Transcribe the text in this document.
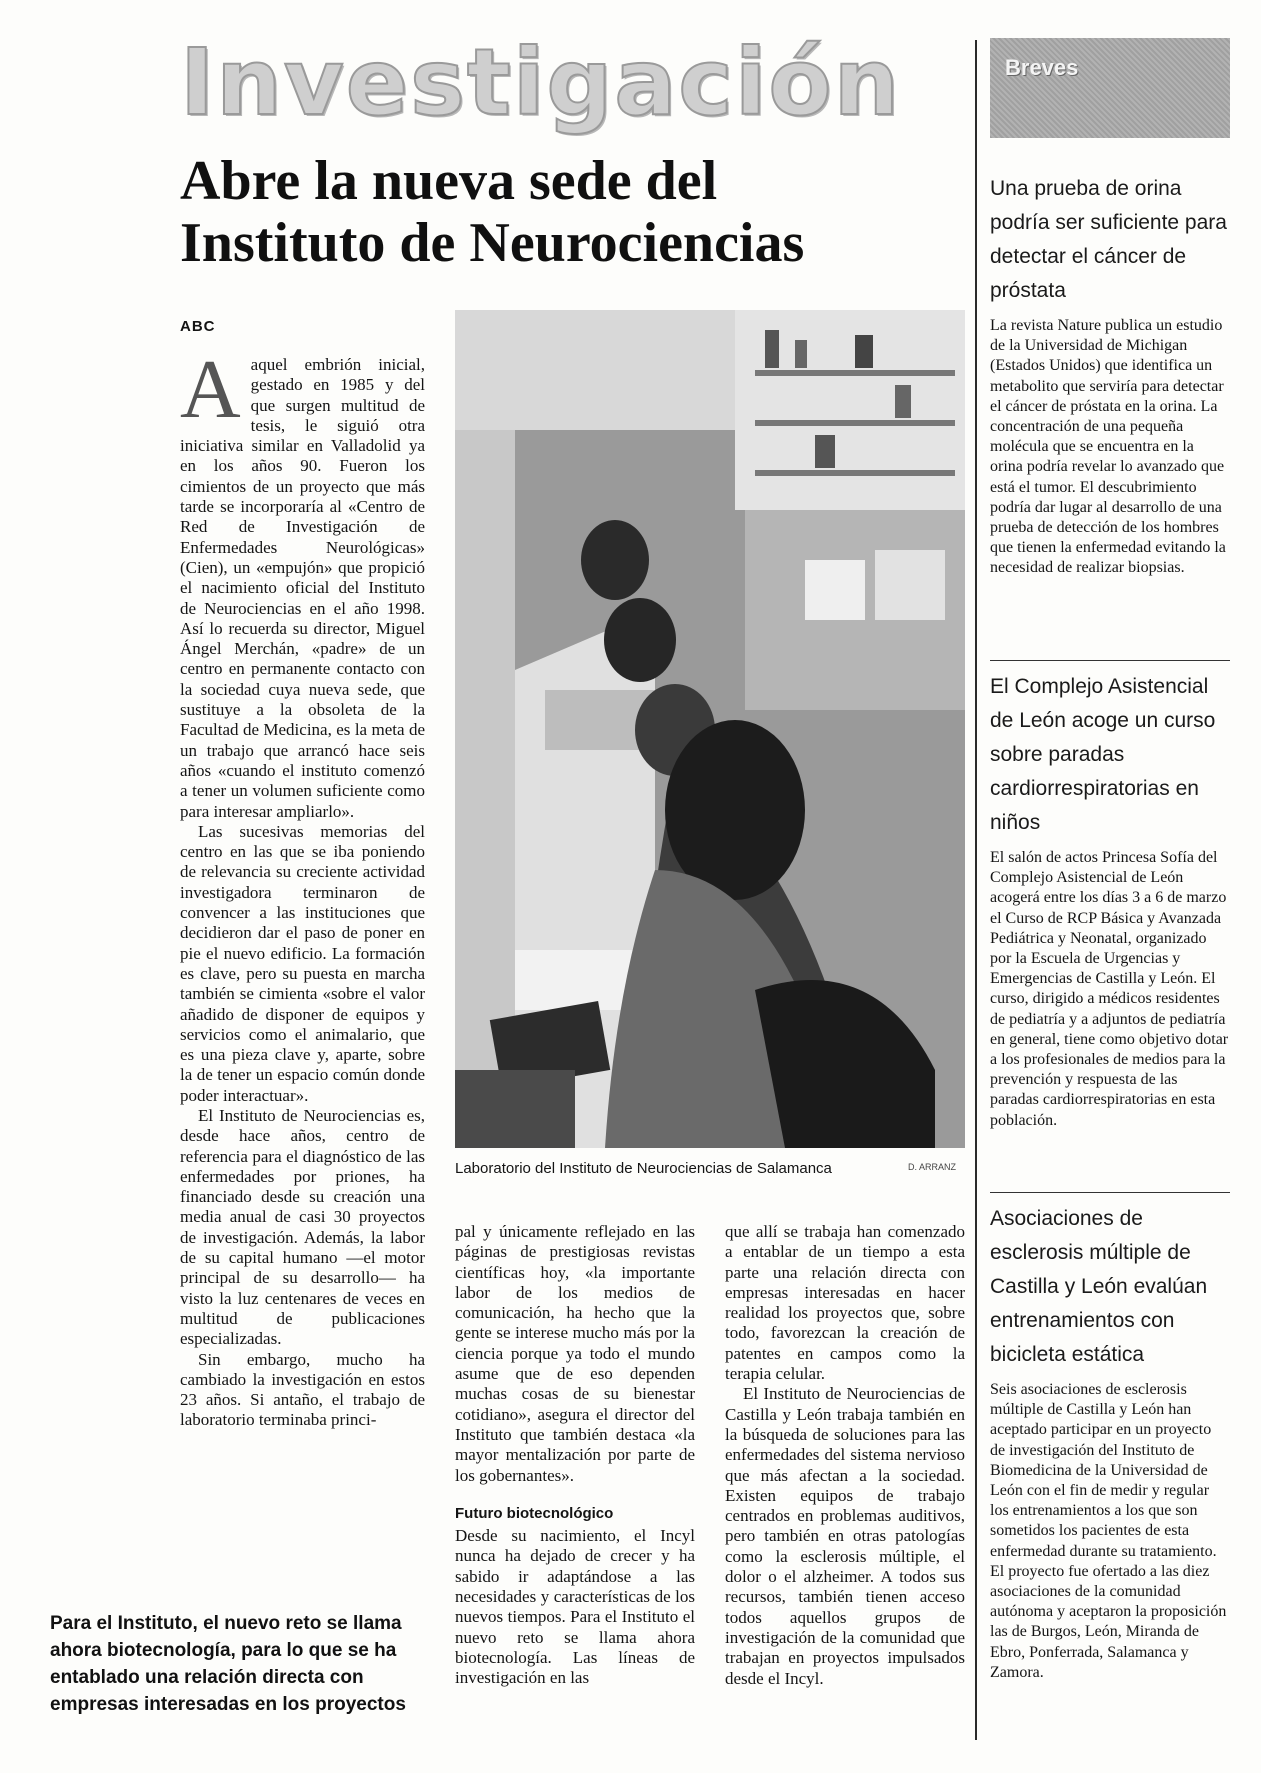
Investigación
Abre la nueva sede del Instituto de Neurociencias
ABC

Aaquel embrión inicial, gestado en 1985 y del que surgen multitud de tesis, le siguió otra iniciativa similar en Valladolid ya en los años 90. Fueron los cimientos de un proyecto que más tarde se incorporaría al «Centro de Red de Investigación de Enfermedades Neurológicas» (Cien), un «empujón» que propició el nacimiento oficial del Instituto de Neurociencias en el año 1998. Así lo recuerda su director, Miguel Ángel Merchán, «padre» de un centro en permanente contacto con la sociedad cuya nueva sede, que sustituye a la obsoleta de la Facultad de Medicina, es la meta de un trabajo que arrancó hace seis años «cuando el instituto comenzó a tener un volumen suficiente como para interesar ampliarlo».

Las sucesivas memorias del centro en las que se iba poniendo de relevancia su creciente actividad investigadora terminaron de convencer a las instituciones que decidieron dar el paso de poner en pie el nuevo edificio. La formación es clave, pero su puesta en marcha también se cimienta «sobre el valor añadido de disponer de equipos y servicios como el animalario, que es una pieza clave y, aparte, sobre la de tener un espacio común donde poder interactuar».

El Instituto de Neurociencias es, desde hace años, centro de referencia para el diagnóstico de las enfermedades por priones, ha financiado desde su creación una media anual de casi 30 proyectos de investigación. Además, la labor de su capital humano —el motor principal de su desarrollo— ha visto la luz centenares de veces en multitud de publicaciones especializadas.

Sin embargo, mucho ha cambiado la investigación en estos 23 años. Si antaño, el trabajo de laboratorio terminaba princi-

Laboratorio del Instituto de Neurociencias de Salamanca	D. ARRANZ

pal y únicamente reflejado en las páginas de prestigiosas revistas científicas hoy, «la importante labor de los medios de comunicación, ha hecho que la gente se interese mucho más por la ciencia porque ya todo el mundo asume que de eso dependen muchas cosas de su bienestar cotidiano», asegura el director del Instituto que también destaca «la mayor mentalización por parte de los gobernantes».

Futuro biotecnológico

Desde su nacimiento, el Incyl nunca ha dejado de crecer y ha sabido ir adaptándose a las necesidades y características de los nuevos tiempos. Para el Instituto el nuevo reto se llama ahora biotecnología. Las líneas de investigación en las

que allí se trabaja han comenzado a entablar de un tiempo a esta parte una relación directa con empresas interesadas en hacer realidad los proyectos que, sobre todo, favorezcan la creación de patentes en campos como la terapia celular.

El Instituto de Neurociencias de Castilla y León trabaja también en la búsqueda de soluciones para las enfermedades del sistema nervioso que más afectan a la sociedad. Existen equipos de trabajo centrados en problemas auditivos, pero también en otras patologías como la esclerosis múltiple, el dolor o el alzheimer. A todos sus recursos, también tienen acceso todos aquellos grupos de investigación de la comunidad que trabajan en proyectos impulsados desde el Incyl.

Para el Instituto, el nuevo reto se llama ahora biotecnología, para lo que se ha entablado una relación directa con empresas interesadas en los proyectos
Breves
Una prueba de orina podría ser suficiente para detectar el cáncer de próstata
La revista Nature publica un estudio de la Universidad de Michigan (Estados Unidos) que identifica un metabolito que serviría para detectar el cáncer de próstata en la orina. La concentración de una pequeña molécula que se encuentra en la orina podría revelar lo avanzado que está el tumor. El descubrimiento podría dar lugar al desarrollo de una prueba de detección de los hombres que tienen la enfermedad evitando la necesidad de realizar biopsias.
El Complejo Asistencial de León acoge un curso sobre paradas cardiorrespiratorias en niños
El salón de actos Princesa Sofía del Complejo Asistencial de León acogerá entre los días 3 a 6 de marzo el Curso de RCP Básica y Avanzada Pediátrica y Neonatal, organizado por la Escuela de Urgencias y Emergencias de Castilla y León. El curso, dirigido a médicos residentes de pediatría y a adjuntos de pediatría en general, tiene como objetivo dotar a los profesionales de medios para la prevención y respuesta de las paradas cardiorrespiratorias en esta población.
Asociaciones de esclerosis múltiple de Castilla y León evalúan entrenamientos con bicicleta estática
Seis asociaciones de esclerosis múltiple de Castilla y León han aceptado participar en un proyecto de investigación del Instituto de Biomedicina de la Universidad de León con el fin de medir y regular los entrenamientos a los que son sometidos los pacientes de esta enfermedad durante su tratamiento. El proyecto fue ofertado a las diez asociaciones de la comunidad autónoma y aceptaron la proposición las de Burgos, León, Miranda de Ebro, Ponferrada, Salamanca y Zamora.
